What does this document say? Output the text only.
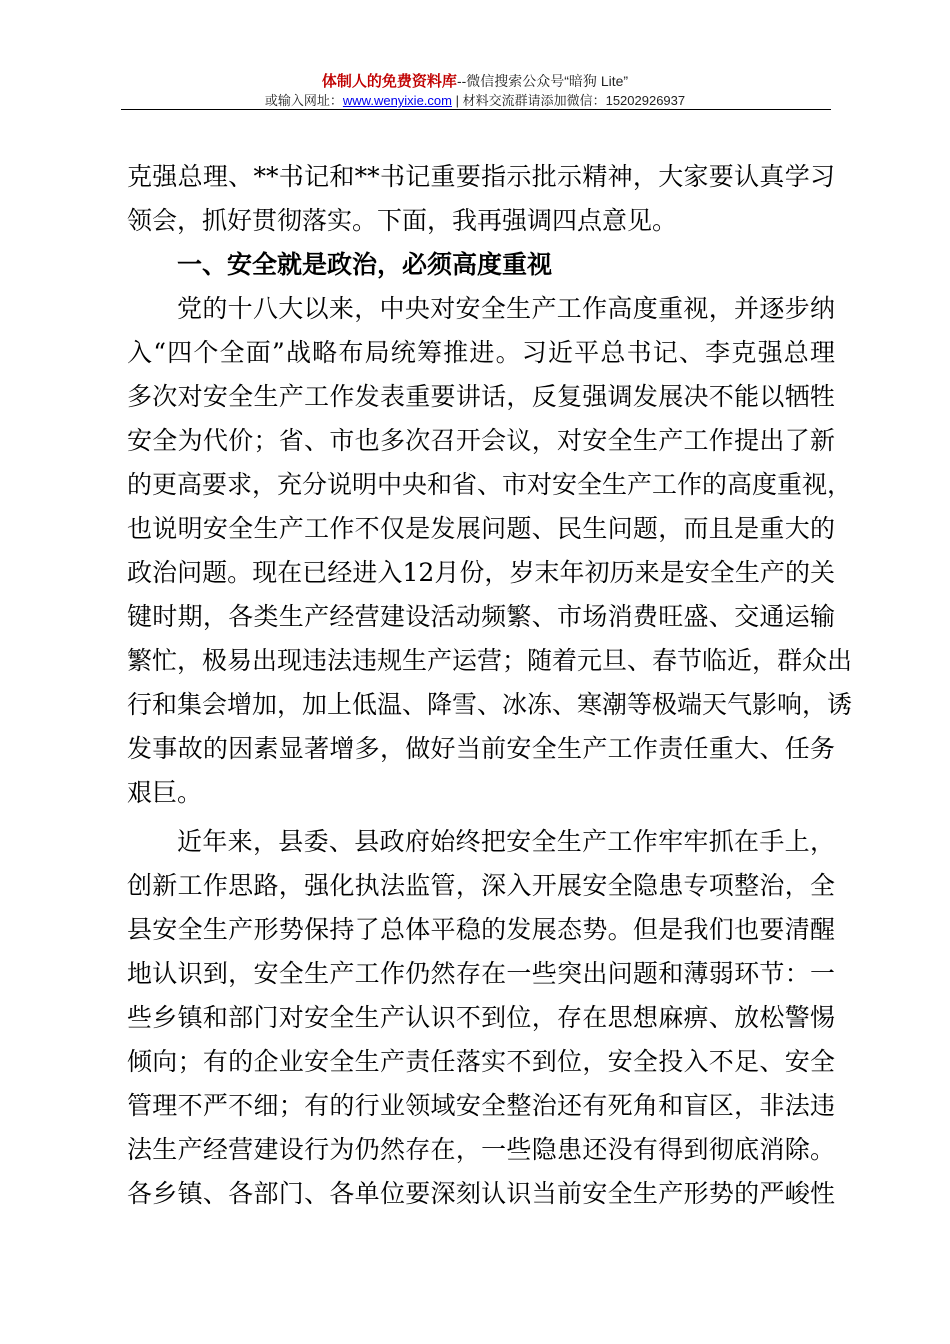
体制人的免费资料库--微信搜索公众号“暗狗 Lite”
或输入网址：www.wenyixie.com | 材料交流群请添加微信：15202926937
克强总理、**书记和**书记重要指示批示精神，大家要认真学习
领会，抓好贯彻落实。下面，我再强调四点意见。
一、安全就是政治，必须高度重视
党的十八大以来，中央对安全生产工作高度重视，并逐步纳
入“四个全面”战略布局统筹推进。习近平总书记、李克强总理
多次对安全生产工作发表重要讲话，反复强调发展决不能以牺牲
安全为代价；省、市也多次召开会议，对安全生产工作提出了新
的更高要求，充分说明中央和省、市对安全生产工作的高度重视，
也说明安全生产工作不仅是发展问题、民生问题，而且是重大的
政治问题。现在已经进入12月份，岁末年初历来是安全生产的关
键时期，各类生产经营建设活动频繁、市场消费旺盛、交通运输
繁忙，极易出现违法违规生产运营；随着元旦、春节临近，群众出
行和集会增加，加上低温、降雪、冰冻、寒潮等极端天气影响，诱
发事故的因素显著增多，做好当前安全生产工作责任重大、任务
艰巨。
近年来，县委、县政府始终把安全生产工作牢牢抓在手上，
创新工作思路，强化执法监管，深入开展安全隐患专项整治，全
县安全生产形势保持了总体平稳的发展态势。但是我们也要清醒
地认识到，安全生产工作仍然存在一些突出问题和薄弱环节：一
些乡镇和部门对安全生产认识不到位，存在思想麻痹、放松警惕
倾向；有的企业安全生产责任落实不到位，安全投入不足、安全
管理不严不细；有的行业领域安全整治还有死角和盲区，非法违
法生产经营建设行为仍然存在，一些隐患还没有得到彻底消除。
各乡镇、各部门、各单位要深刻认识当前安全生产形势的严峻性
